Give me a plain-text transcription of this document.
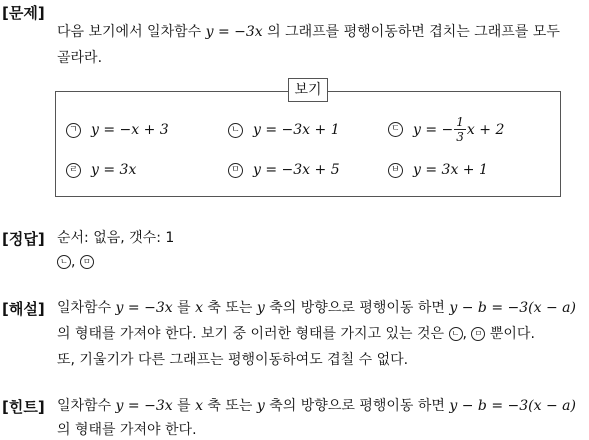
[문제]
다음 보기에서 일차함수 y = −3x 의 그래프를 평행이동하면 겹치는 그래프를 모두
골라라.
보기
ㄱ y = −x + 3	ㄴ y = −3x + 1	ㄷ y = − $\frac{1}{3}$ x + 2
ㄹ y = 3x	ㅁ y = −3x + 5	ㅂ y = 3x + 1
[정답] 순서: 없음, 갯수: 1
ㄴ , ㅁ
[해설] 일차함수 y = −3x 를 x 축 또는 y 축의 방향으로 평행이동 하면 y − b = −3(x − a)
의 형태를 가져야 한다. 보기 중 이러한 형태를 가지고 있는 것은 ㄴ , ㅁ 뿐이다.
또, 기울기가 다른 그래프는 평행이동하여도 겹칠 수 없다.
[힌트] 일차함수 y = −3x 를 x 축 또는 y 축의 방향으로 평행이동 하면 y − b = −3(x − a)
의 형태를 가져야 한다.
